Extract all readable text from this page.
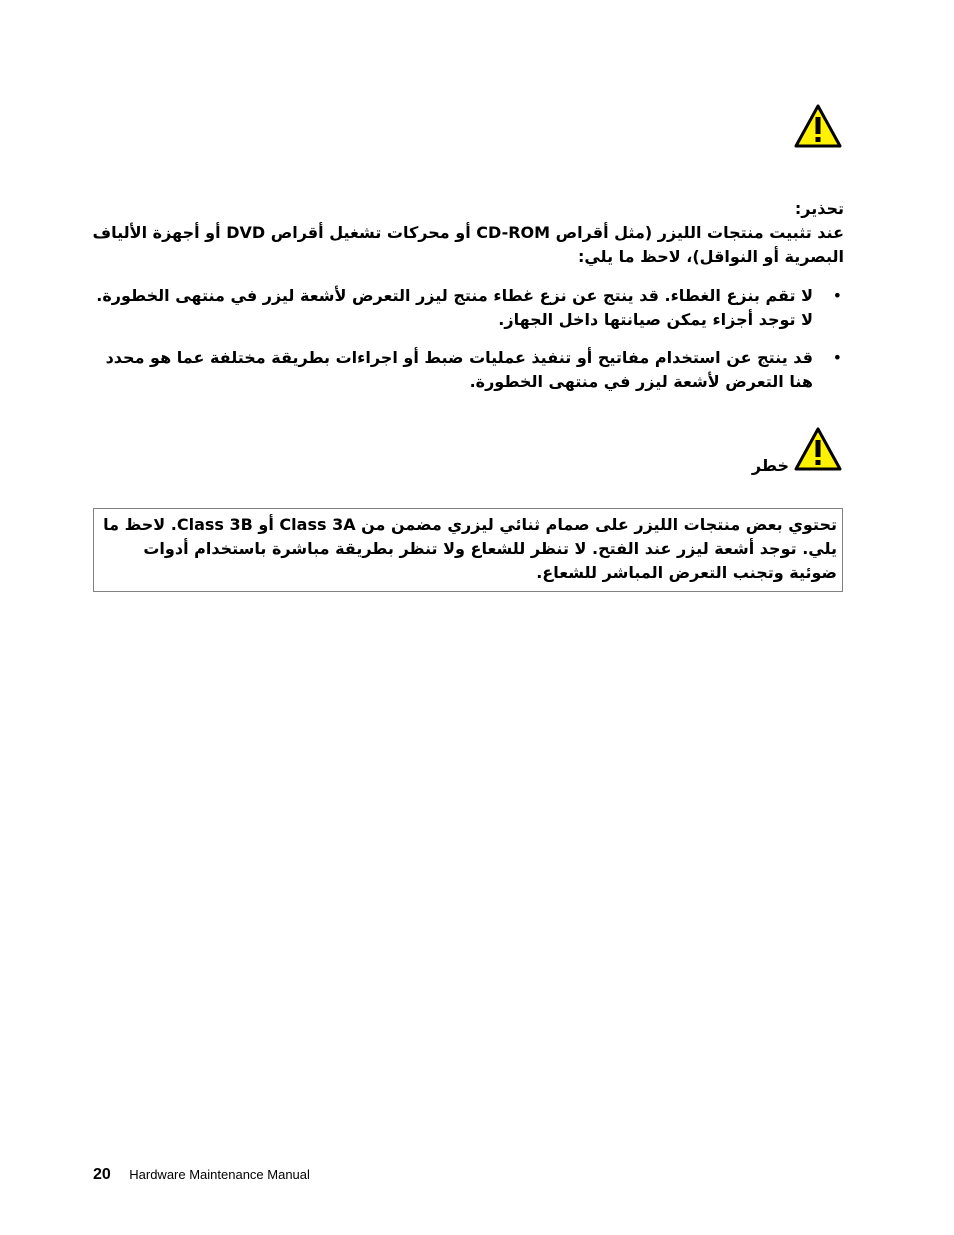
تحذير:
عند تثبيت منتجات الليزر (مثل أقراص CD-ROM أو محركات تشغيل أقراص DVD أو أجهزة الألياف البصرية أو النواقل)، لاحظ ما يلي:
•
لا تقم بنزع الغطاء. قد ينتج عن نزع غطاء منتج ليزر التعرض لأشعة ليزر في منتهى الخطورة. لا توجد أجزاء يمكن صيانتها داخل الجهاز.
•
قد ينتج عن استخدام مفاتيح أو تنفيذ عمليات ضبط أو اجراءات بطريقة مختلفة عما هو محدد هنا التعرض لأشعة ليزر في منتهى الخطورة.
خطر
تحتوي بعض منتجات الليزر على صمام ثنائي ليزري مضمن من Class 3A أو Class 3B. لاحظ ما يلي. توجد أشعة ليزر عند الفتح. لا تنظر للشعاع ولا تنظر بطريقة مباشرة باستخدام أدوات ضوئية وتجنب التعرض المباشر للشعاع.
20 Hardware Maintenance Manual
